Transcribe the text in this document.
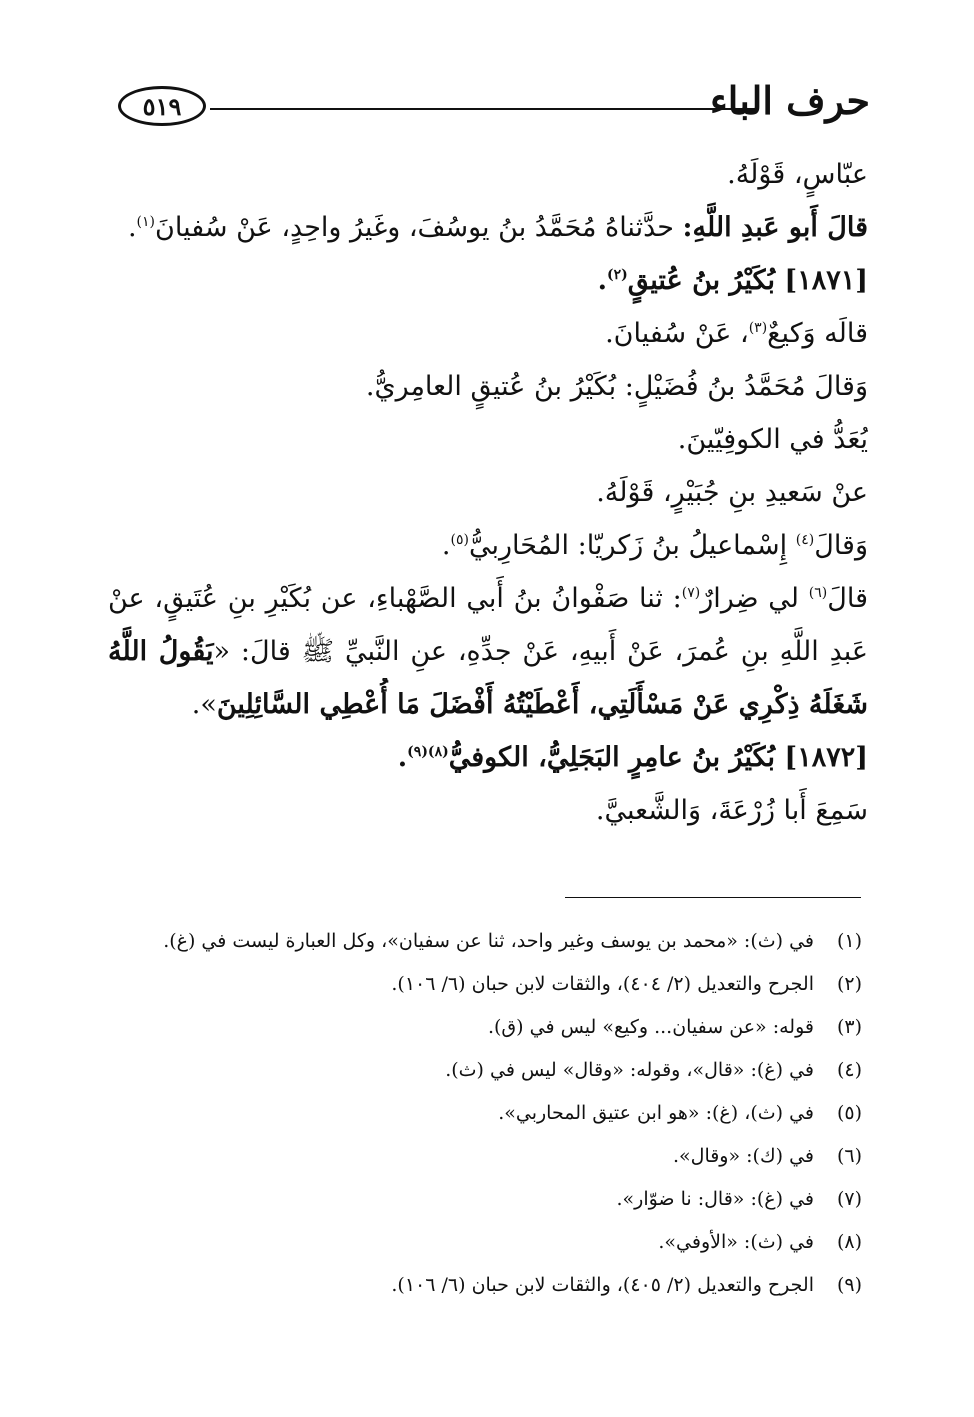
حرف الباء
٥١٩
عبّاسٍ، قَوْلَهُ.
قالَ أَبو عَبدِ اللَّهِ: حدَّثناهُ مُحَمَّدُ بنُ يوسُفَ، وغَيرُ واحِدٍ، عَنْ سُفيانَ$^{(١)}$.
[١٨٧١] بُكَيْرُ بنُ عُتيقٍ$^{(٢)}$.
قالَه وَكيعٌ$^{(٣)}$، عَنْ سُفيانَ.
وَقالَ مُحَمَّدُ بنُ فُضَيْلٍ: بُكَيْرُ بنُ عُتيقٍ العامِريُّ.
يُعَدُّ في الكوفِيّينَ.
عنْ سَعيدِ بنِ جُبَيْرٍ، قَوْلَهُ.
وَقالَ$^{(٤)}$ إِسْماعيلُ بنُ زَكريّا: المُحَارِبيُّ$^{(٥)}$.
قالَ$^{(٦)}$ لي ضِرارٌ$^{(٧)}$: ثنا صَفْوانُ بنُ أَبي الصَّهْباءِ، عن بُكَيْرِ بنِ عُتَيقٍ، عنْ
عَبدِ اللَّهِ بنِ عُمرَ، عَنْ أَبيهِ، عَنْ جدِّهِ، عنِ النَّبيِّ ﷺ قالَ: «يَقُولُ اللَّهُ
شَغَلَهُ ذِكْرِي عَنْ مَسْأَلَتِي، أَعْطَيْتُهُ أَفْضَلَ مَا أُعْطِي السَّائِلِينَ».
[١٨٧٢] بُكَيْرُ بنُ عامِرٍ البَجَلِيُّ، الكوفيُّ$^{(٨)(٩)}$.
سَمِعَ أَبا زُرْعَةَ، وَالشَّعبيَّ.
(١)في (ث): «محمد بن يوسف وغير واحد، ثنا عن سفيان»، وكل العبارة ليست في (غ).
(٢)الجرح والتعديل (٢/ ٤٠٤)، والثقات لابن حبان (٦/ ١٠٦).
(٣)قوله: «عن سفيان... وكيع» ليس في (ق).
(٤)في (غ): «قال»، وقوله: «وقال» ليس في (ث).
(٥)في (ث)، (غ): «هو ابن عتيق المحاربي».
(٦)في (ك): «وقال».
(٧)في (غ): «قال: نا ضوّار».
(٨)في (ث): «الأوفي».
(٩)الجرح والتعديل (٢/ ٤٠٥)، والثقات لابن حبان (٦/ ١٠٦).
